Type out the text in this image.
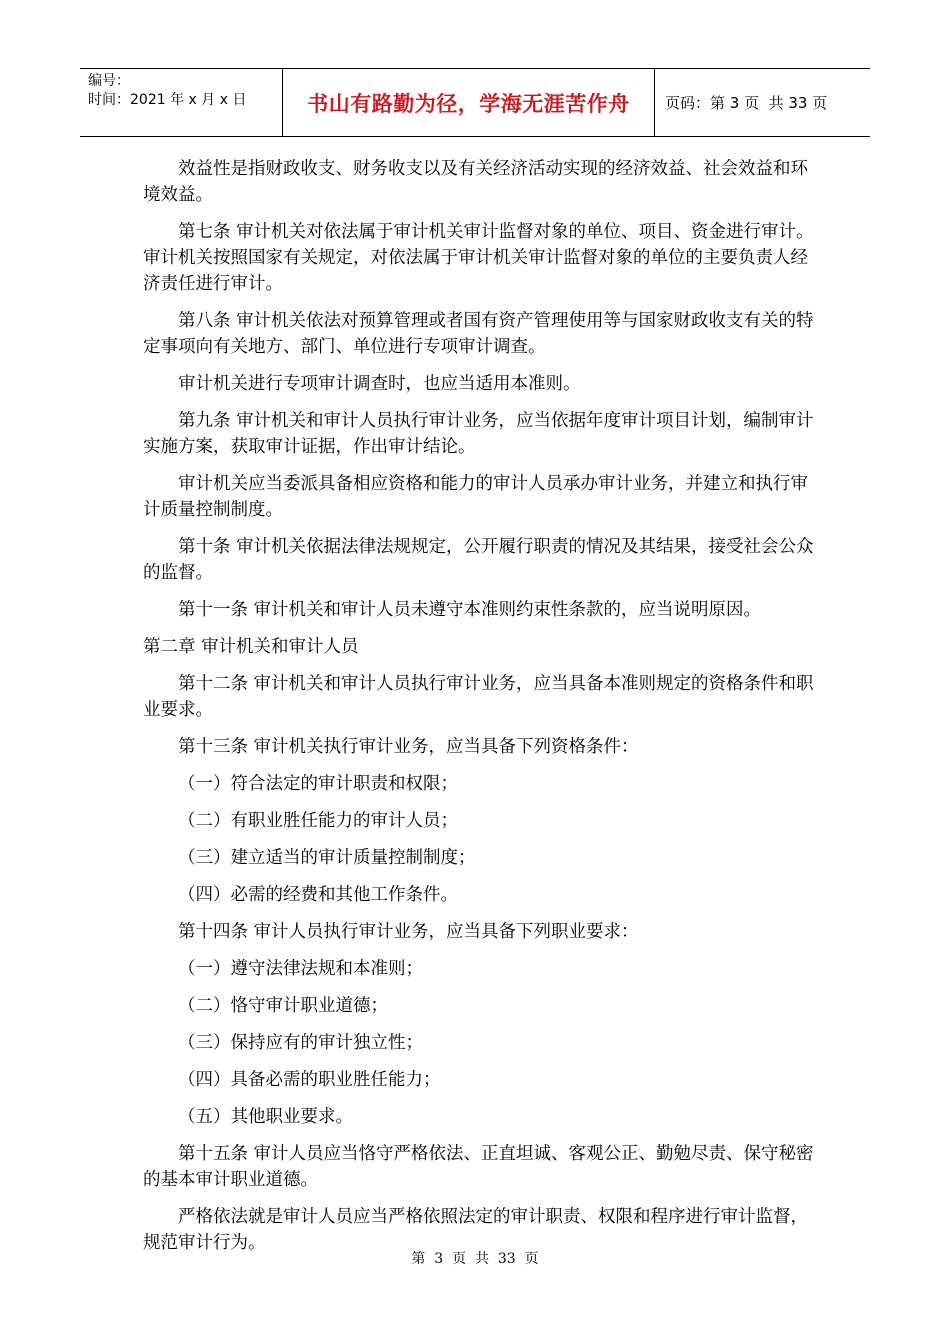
编号：
时间：2021 年 x 月 x 日	书山有路勤为径，学海无涯苦作舟 页码：第 3 页  共 33 页

效益性是指财政收支、财务收支以及有关经济活动实现的经济效益、社会效益和环境效益。

第七条 审计机关对依法属于审计机关审计监督对象的单位、项目、资金进行审计。审计机关按照国家有关规定，对依法属于审计机关审计监督对象的单位的主要负责人经济责任进行审计。

第八条 审计机关依法对预算管理或者国有资产管理使用等与国家财政收支有关的特定事项向有关地方、部门、单位进行专项审计调查。

审计机关进行专项审计调查时，也应当适用本准则。

第九条 审计机关和审计人员执行审计业务，应当依据年度审计项目计划，编制审计实施方案，获取审计证据，作出审计结论。

审计机关应当委派具备相应资格和能力的审计人员承办审计业务，并建立和执行审计质量控制制度。

第十条 审计机关依据法律法规规定，公开履行职责的情况及其结果，接受社会公众的监督。

第十一条 审计机关和审计人员未遵守本准则约束性条款的，应当说明原因。

第二章 审计机关和审计人员

第十二条 审计机关和审计人员执行审计业务，应当具备本准则规定的资格条件和职业要求。

第十三条 审计机关执行审计业务，应当具备下列资格条件：

（一）符合法定的审计职责和权限；

（二）有职业胜任能力的审计人员；

（三）建立适当的审计质量控制制度；

（四）必需的经费和其他工作条件。

第十四条 审计人员执行审计业务，应当具备下列职业要求：

（一）遵守法律法规和本准则；

（二）恪守审计职业道德；

（三）保持应有的审计独立性；

（四）具备必需的职业胜任能力；

（五）其他职业要求。

第十五条 审计人员应当恪守严格依法、正直坦诚、客观公正、勤勉尽责、保守秘密的基本审计职业道德。

严格依法就是审计人员应当严格依照法定的审计职责、权限和程序进行审计监督，规范审计行为。

第  3  页  共  33  页
